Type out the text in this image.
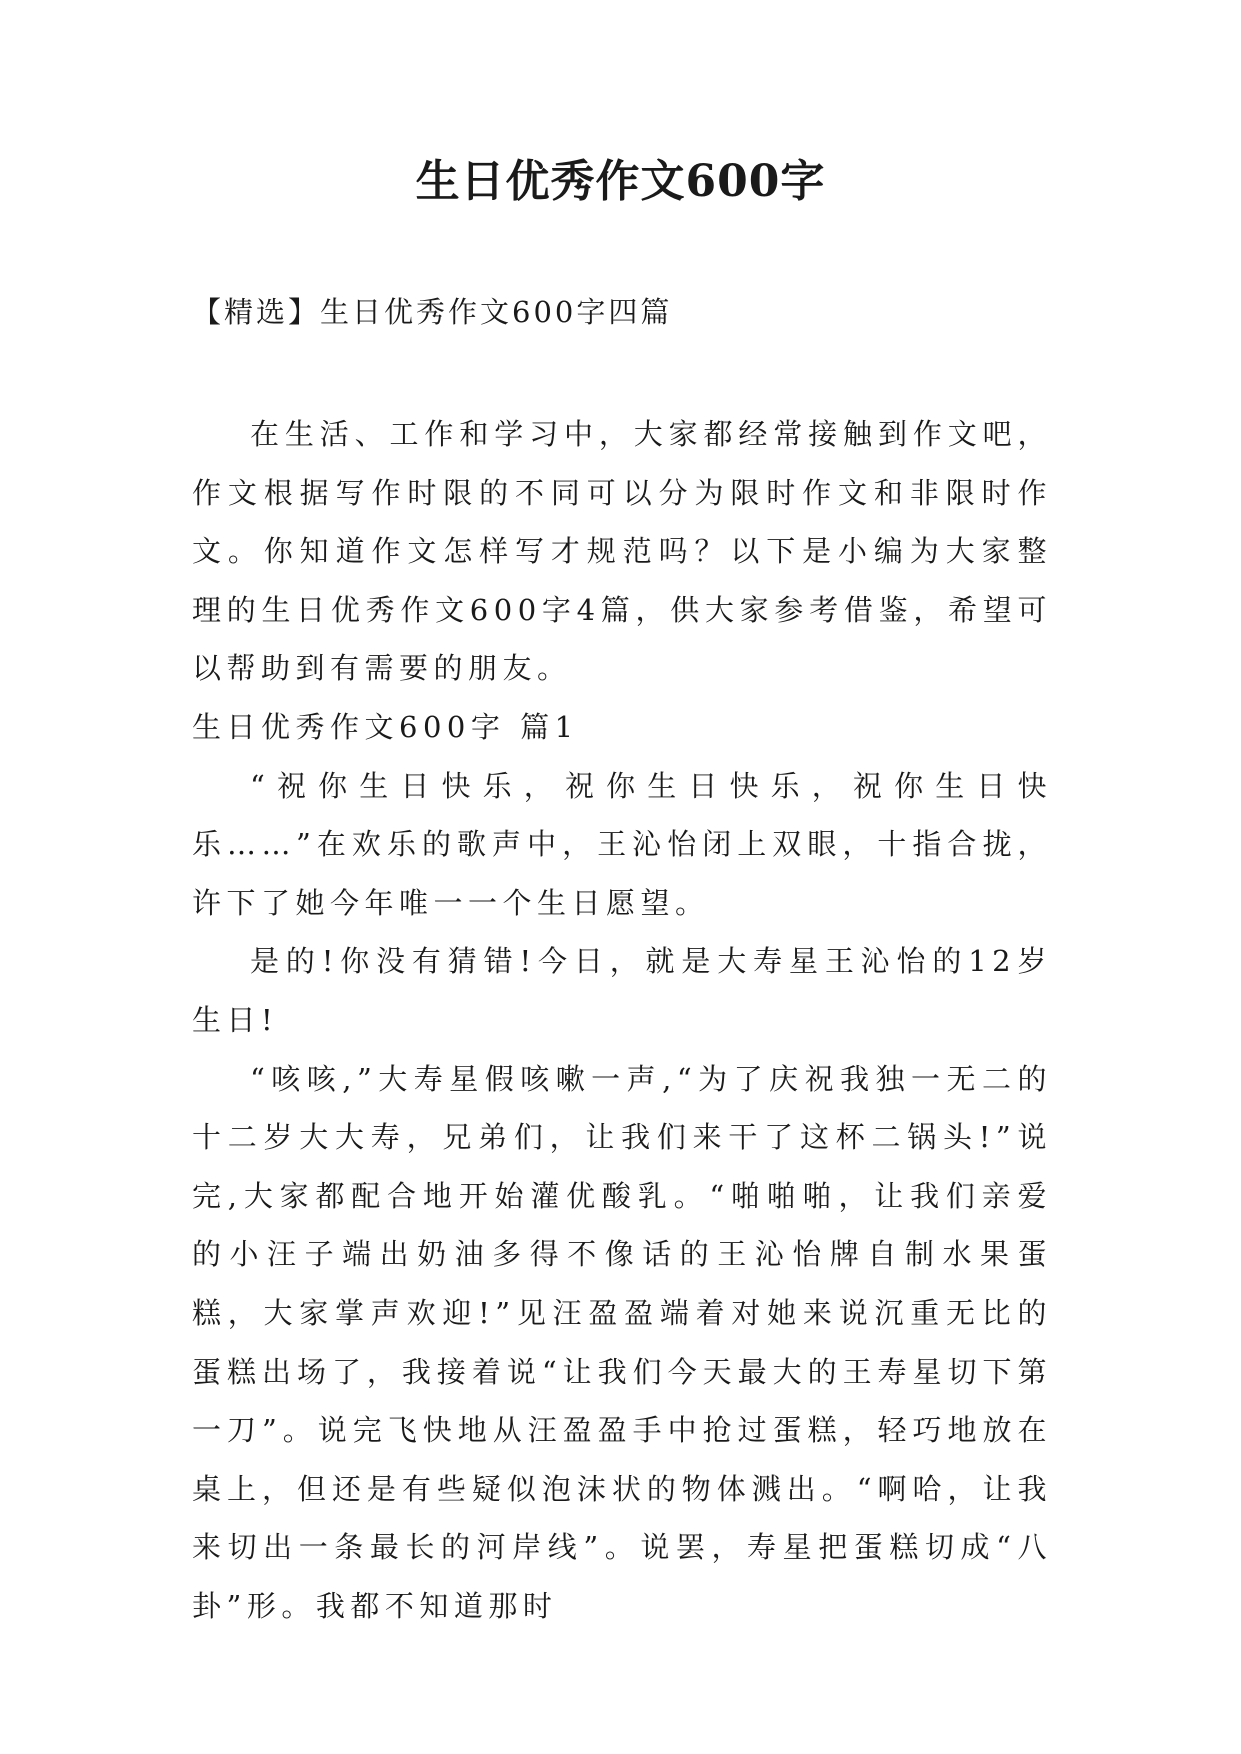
生日优秀作文600字

【精选】生日优秀作文600字四篇

在生活、工作和学习中，大家都经常接触到作文吧，作文根据写作时限的不同可以分为限时作文和非限时作文。你知道作文怎样写才规范吗？以下是小编为大家整理的生日优秀作文600字4篇，供大家参考借鉴，希望可以帮助到有需要的朋友。

生日优秀作文600字 篇1

“祝你生日快乐，祝你生日快乐，祝你生日快乐……”在欢乐的歌声中，王沁怡闭上双眼，十指合拢，许下了她今年唯一一个生日愿望。

是的!你没有猜错!今日，就是大寿星王沁怡的12岁生日!

“咳咳,”大寿星假咳嗽一声,“为了庆祝我独一无二的十二岁大大寿，兄弟们，让我们来干了这杯二锅头!”说完,大家都配合地开始灌优酸乳。“啪啪啪，让我们亲爱的小汪子端出奶油多得不像话的王沁怡牌自制水果蛋糕，大家掌声欢迎!”见汪盈盈端着对她来说沉重无比的蛋糕出场了，我接着说“让我们今天最大的王寿星切下第一刀”。说完飞快地从汪盈盈手中抢过蛋糕，轻巧地放在桌上，但还是有些疑似泡沫状的物体溅出。“啊哈，让我来切出一条最长的河岸线”。说罢，寿星把蛋糕切成“八卦”形。我都不知道那时
